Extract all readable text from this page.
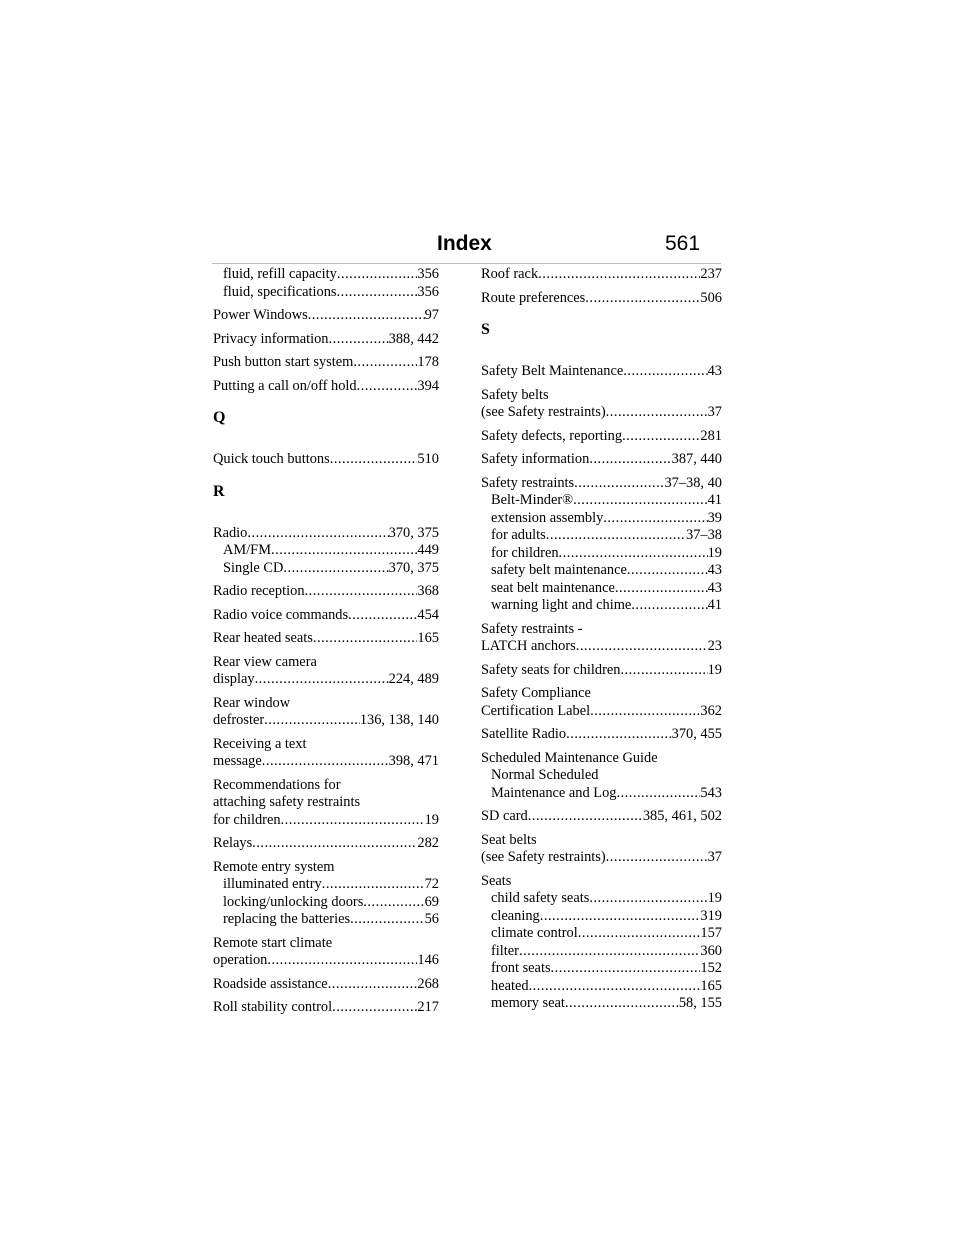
Index	561
fluid, refill capacity .....	356
fluid, specifications .....	356
Power Windows .....	97
Privacy information .....	388, 442
Push button start system .....	178
Putting a call on/off hold .....	394
Q
Quick touch buttons .....	510
R
Radio .....	370, 375
AM/FM .....	449
Single CD .....	370, 375
Radio reception .....	368
Radio voice commands .....	454
Rear heated seats .....	165
Rear view camera
display .....	224, 489
Rear window
defroster .....	136, 138, 140
Receiving a text
message .....	398, 471
Recommendations for
attaching safety restraints
for children .....	19
Relays .....	282
Remote entry system
illuminated entry .....	72
locking/unlocking doors .....	69
replacing the batteries .....	56
Remote start climate
operation .....	146
Roadside assistance .....	268
Roll stability control .....	217
Roof rack .....	237
Route preferences .....	506
S
Safety Belt Maintenance .....	43
Safety belts
(see Safety restraints) .....	37
Safety defects, reporting .....	281
Safety information .....	387, 440
Safety restraints .....	37–38, 40
Belt-Minder® .....	41
extension assembly .....	39
for adults .....	37–38
for children .....	19
safety belt maintenance .....	43
seat belt maintenance .....	43
warning light and chime .....	41
Safety restraints -
LATCH anchors .....	23
Safety seats for children .....	19
Safety Compliance
Certification Label .....	362
Satellite Radio .....	370, 455
Scheduled Maintenance Guide
Normal Scheduled
Maintenance and Log .....	543
SD card .....	385, 461, 502
Seat belts
(see Safety restraints) .....	37
Seats
child safety seats .....	19
cleaning .....	319
climate control .....	157
filter .....	360
front seats .....	152
heated .....	165
memory seat .....	58, 155
